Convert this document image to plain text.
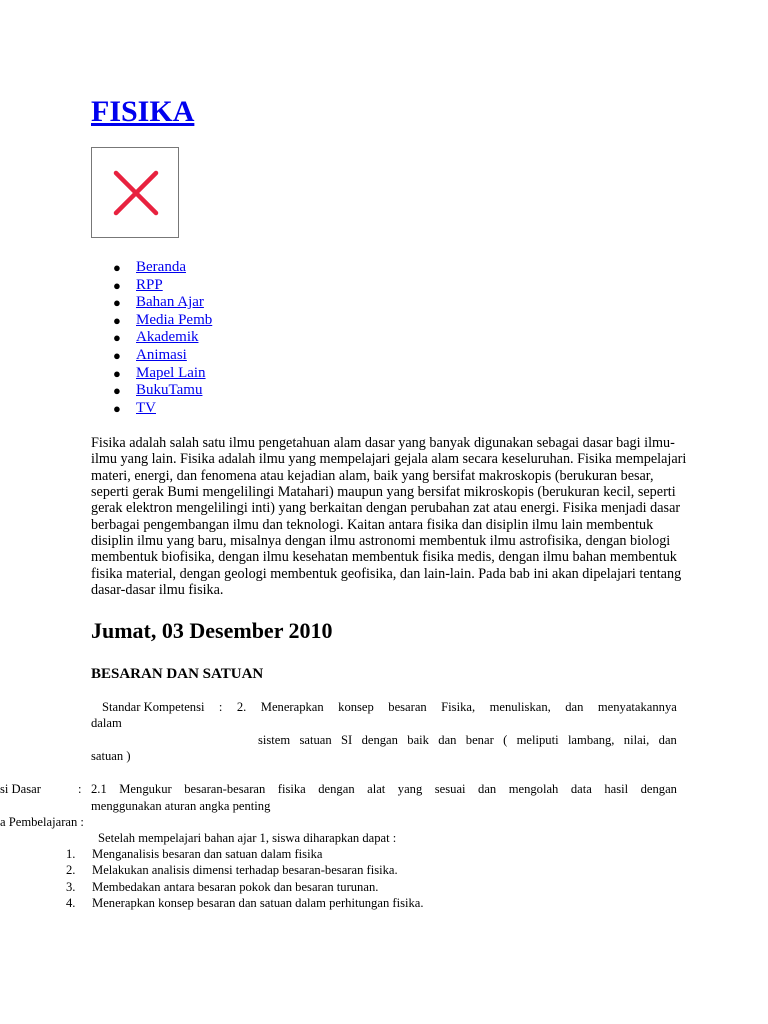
FISIKA
● Beranda
● RPP
● Bahan Ajar
● Media Pemb
● Akademik
● Animasi
● Mapel Lain
● BukuTamu
● TV

Fisika adalah salah satu ilmu pengetahuan alam dasar yang banyak digunakan sebagai dasar bagi ilmu-
ilmu yang lain. Fisika adalah ilmu yang mempelajari gejala alam secara keseluruhan. Fisika mempelajari
materi, energi, dan fenomena atau kejadian alam, baik yang bersifat makroskopis (berukuran besar,
seperti gerak Bumi mengelilingi Matahari) maupun yang bersifat mikroskopis (berukuran kecil, seperti
gerak elektron mengelilingi inti) yang berkaitan dengan perubahan zat atau energi. Fisika menjadi dasar
berbagai pengembangan ilmu dan teknologi. Kaitan antara fisika dan disiplin ilmu lain membentuk
disiplin ilmu yang baru, misalnya dengan ilmu astronomi membentuk ilmu astrofisika, dengan biologi
membentuk biofisika, dengan ilmu kesehatan membentuk fisika medis, dengan ilmu bahan membentuk
fisika material, dengan geologi membentuk geofisika, dan lain-lain. Pada bab ini akan dipelajari tentang
dasar-dasar ilmu fisika.

Jumat, 03 Desember 2010
BESARAN DAN SATUAN
Standar Kompetensi : 2. Menerapkan konsep besaran Fisika, menuliskan, dan menyatakannya
dalam
sistem satuan SI dengan baik dan benar ( meliputi lambang, nilai, dan
satuan )
si Dasar	: 2.1 Mengukur besaran-besaran fisika dengan alat yang sesuai dan mengolah data hasil dengan
menggunakan aturan angka penting
a Pembelajaran :
Setelah mempelajari bahan ajar 1, siswa diharapkan dapat :
1.	Menganalisis besaran dan satuan dalam fisika
2.	Melakukan analisis dimensi terhadap besaran-besaran fisika.
3.	Membedakan antara besaran pokok dan besaran turunan.
4.	Menerapkan konsep besaran dan satuan dalam perhitungan fisika.
